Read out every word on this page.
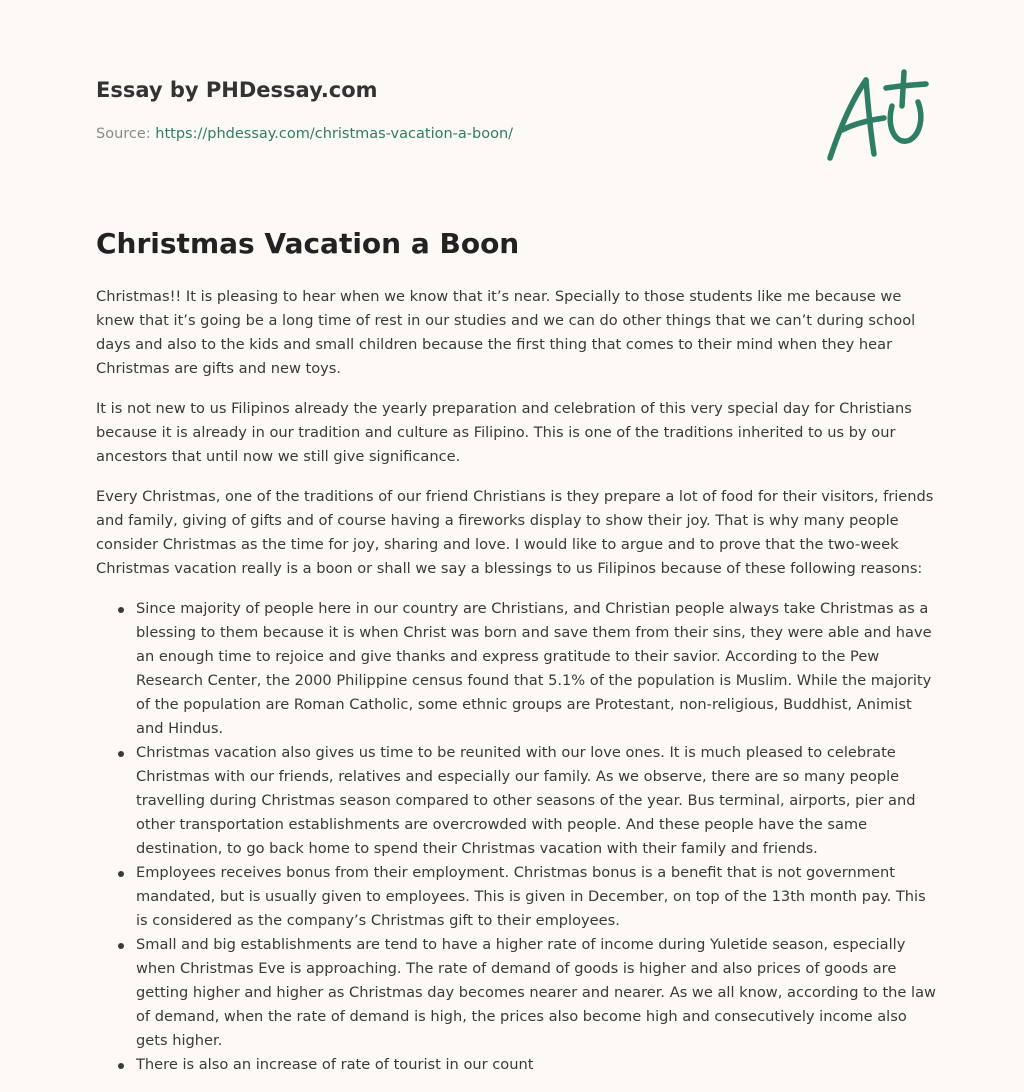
Essay by PHDessay.com
Source: https://phdessay.com/christmas-vacation-a-boon/
Christmas Vacation a Boon

Christmas!! It is pleasing to hear when we know that it’s near. Specially to those students like me because we knew that it’s going be a long time of rest in our studies and we can do other things that we can’t during school days and also to the kids and small children because the first thing that comes to their mind when they hear Christmas are gifts and new toys.

It is not new to us Filipinos already the yearly preparation and celebration of this very special day for Christians because it is already in our tradition and culture as Filipino. This is one of the traditions inherited to us by our ancestors that until now we still give significance.

Every Christmas, one of the traditions of our friend Christians is they prepare a lot of food for their visitors, friends and family, giving of gifts and of course having a fireworks display to show their joy. That is why many people consider Christmas as the time for joy, sharing and love. I would like to argue and to prove that the two-week Christmas vacation really is a boon or shall we say a blessings to us Filipinos because of these following reasons:

Since majority of people here in our country are Christians, and Christian people always take Christmas as a blessing to them because it is when Christ was born and save them from their sins, they were able and have an enough time to rejoice and give thanks and express gratitude to their savior. According to the Pew Research Center, the 2000 Philippine census found that 5.1% of the population is Muslim. While the majority of the population are Roman Catholic, some ethnic groups are Protestant, non-religious, Buddhist, Animist and Hindus.
Christmas vacation also gives us time to be reunited with our love ones. It is much pleased to celebrate Christmas with our friends, relatives and especially our family. As we observe, there are so many people travelling during Christmas season compared to other seasons of the year. Bus terminal, airports, pier and other transportation establishments are overcrowded with people. And these people have the same destination, to go back home to spend their Christmas vacation with their family and friends.
Employees receives bonus from their employment. Christmas bonus is a benefit that is not government mandated, but is usually given to employees. This is given in December, on top of the 13th month pay. This is considered as the company’s Christmas gift to their employees.
Small and big establishments are tend to have a higher rate of income during Yuletide season, especially when Christmas Eve is approaching. The rate of demand of goods is higher and also prices of goods are getting higher and higher as Christmas day becomes nearer and nearer. As we all know, according to the law of demand, when the rate of demand is high, the prices also become high and consecutively income also gets higher.
There is also an increase of rate of tourist in our count
